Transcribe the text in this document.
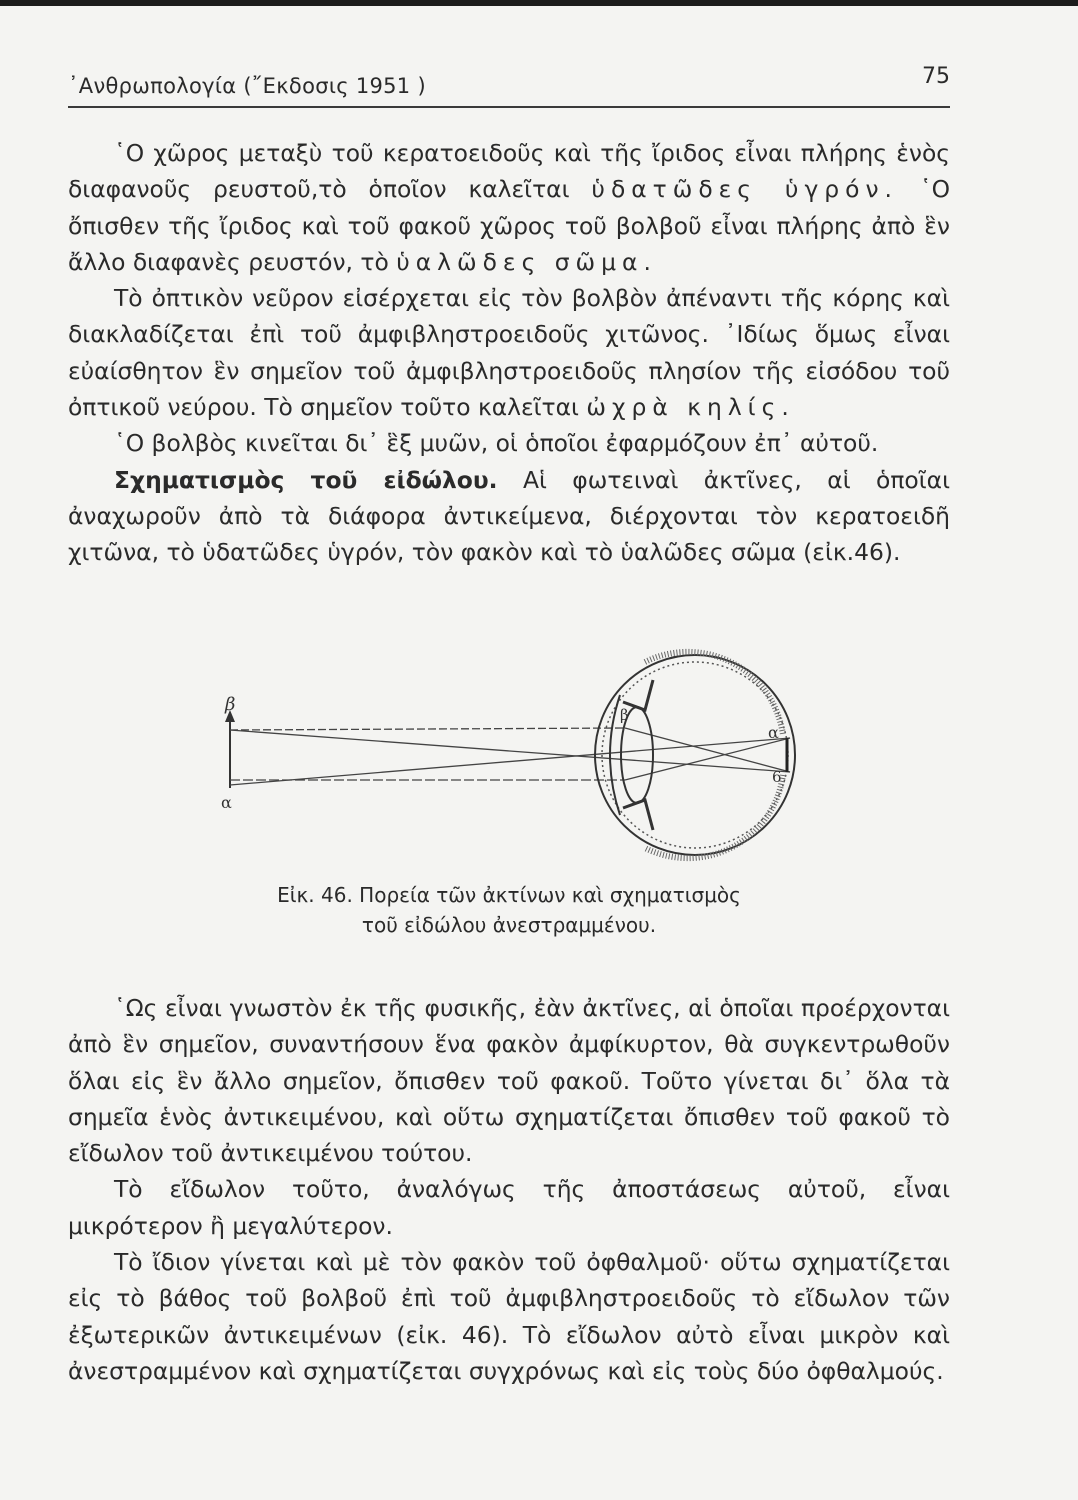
᾿Ανθρωπολογία (῎Εκδοσις 1951 )	75

῾Ο χῶρος μεταξὺ τοῦ κερατοειδοῦς καὶ τῆς ἴριδος εἶναι πλήρης ἑνὸς διαφανοῦς ρευστοῦ,τὸ ὁποῖον καλεῖται ὑδατῶδες ὑγρόν. ῾Ο ὄπισθεν τῆς ἴριδος καὶ τοῦ φακοῦ χῶρος τοῦ βολβοῦ εἶναι πλήρης ἀπὸ ἓν ἄλλο διαφανὲς ρευστόν, τὸ ὑαλῶδες σῶμα.

Τὸ ὀπτικὸν νεῦρον εἰσέρχεται εἰς τὸν βολβὸν ἀπέναντι τῆς κόρης καὶ διακλαδίζεται ἐπὶ τοῦ ἀμφιβληστροειδοῦς χιτῶνος. ᾿Ιδίως ὅμως εἶναι εὐαίσθητον ἓν σημεῖον τοῦ ἀμφιβληστροειδοῦς πλησίον τῆς εἰσόδου τοῦ ὀπτικοῦ νεύρου. Τὸ σημεῖον τοῦτο καλεῖται ὠχρὰ κηλίς.

῾Ο βολβὸς κινεῖται δι᾿ ἓξ μυῶν, οἱ ὁποῖοι ἐφαρμόζουν ἐπ᾿ αὐτοῦ.

Σχηματισμὸς τοῦ εἰδώλου. Αἱ φωτειναὶ ἀκτῖνες, αἱ ὁποῖαι ἀναχωροῦν ἀπὸ τὰ διάφορα ἀντικείμενα, διέρχονται τὸν κερατοειδῆ χιτῶνα, τὸ ὑδατῶδες ὑγρόν, τὸν φακὸν καὶ τὸ ὑαλῶδες σῶμα (εἰκ.46).

β
α
β
α
6
Εἰκ. 46. Πορεία τῶν ἀκτίνων καὶ σχηματισμὸς
τοῦ εἰδώλου ἀνεστραμμένου.

῾Ως εἶναι γνωστὸν ἐκ τῆς φυσικῆς, ἐὰν ἀκτῖνες, αἱ ὁποῖαι προέρχονται ἀπὸ ἓν σημεῖον, συναντήσουν ἕνα φακὸν ἀμφίκυρτον, θὰ συγκεντρωθοῦν ὅλαι εἰς ἓν ἄλλο σημεῖον, ὄπισθεν τοῦ φακοῦ. Τοῦτο γίνεται δι᾿ ὅλα τὰ σημεῖα ἑνὸς ἀντικειμένου, καὶ οὕτω σχηματίζεται ὄπισθεν τοῦ φακοῦ τὸ εἴδωλον τοῦ ἀντικειμένου τούτου.

Τὸ εἴδωλον τοῦτο, ἀναλόγως τῆς ἀποστάσεως αὐτοῦ, εἶναι μικρότερον ἢ μεγαλύτερον.

Τὸ ἴδιον γίνεται καὶ μὲ τὸν φακὸν τοῦ ὀφθαλμοῦ· οὕτω σχηματίζεται εἰς τὸ βάθος τοῦ βολβοῦ ἐπὶ τοῦ ἀμφιβληστροειδοῦς τὸ εἴδωλον τῶν ἐξωτερικῶν ἀντικειμένων (εἰκ. 46). Τὸ εἴδωλον αὐτὸ εἶναι μικρὸν καὶ ἀνεστραμμένον καὶ σχηματίζεται συγχρόνως καὶ εἰς τοὺς δύο ὀφθαλμούς.
